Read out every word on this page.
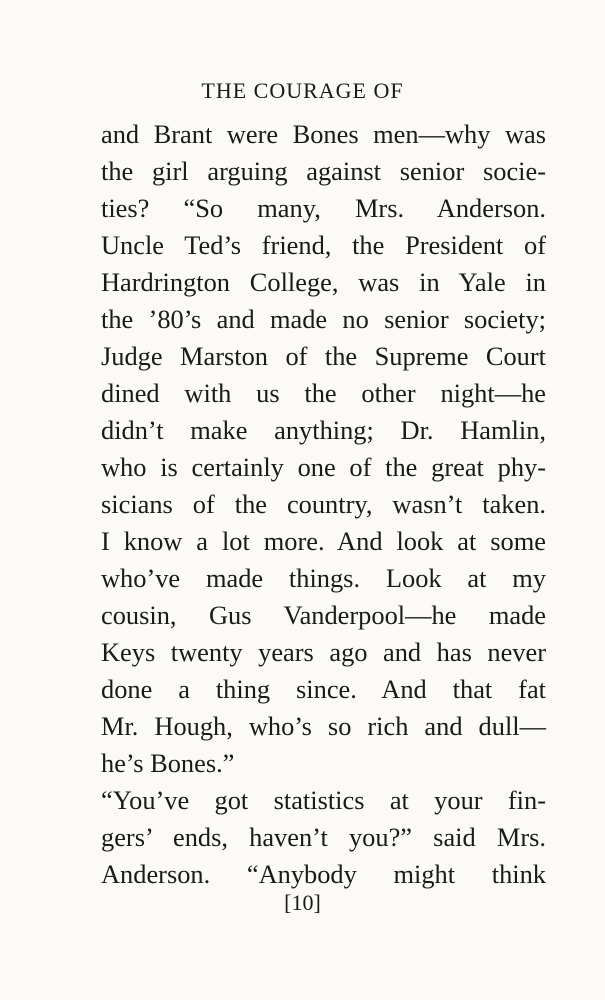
THE COURAGE OF
and Brant were Bones men—why was
the girl arguing against senior socie-
ties? “So many, Mrs. Anderson.
Uncle Ted’s friend, the President of
Hardrington College, was in Yale in
the ’80’s and made no senior society;
Judge Marston of the Supreme Court
dined with us the other night—he
didn’t make anything; Dr. Hamlin,
who is certainly one of the great phy-
sicians of the country, wasn’t taken.
I know a lot more. And look at some
who’ve made things. Look at my
cousin, Gus Vanderpool—he made
Keys twenty years ago and has never
done a thing since. And that fat
Mr. Hough, who’s so rich and dull—
he’s Bones.”
“You’ve got statistics at your fin-
gers’ ends, haven’t you?” said Mrs.
Anderson. “Anybody might think
[10]
